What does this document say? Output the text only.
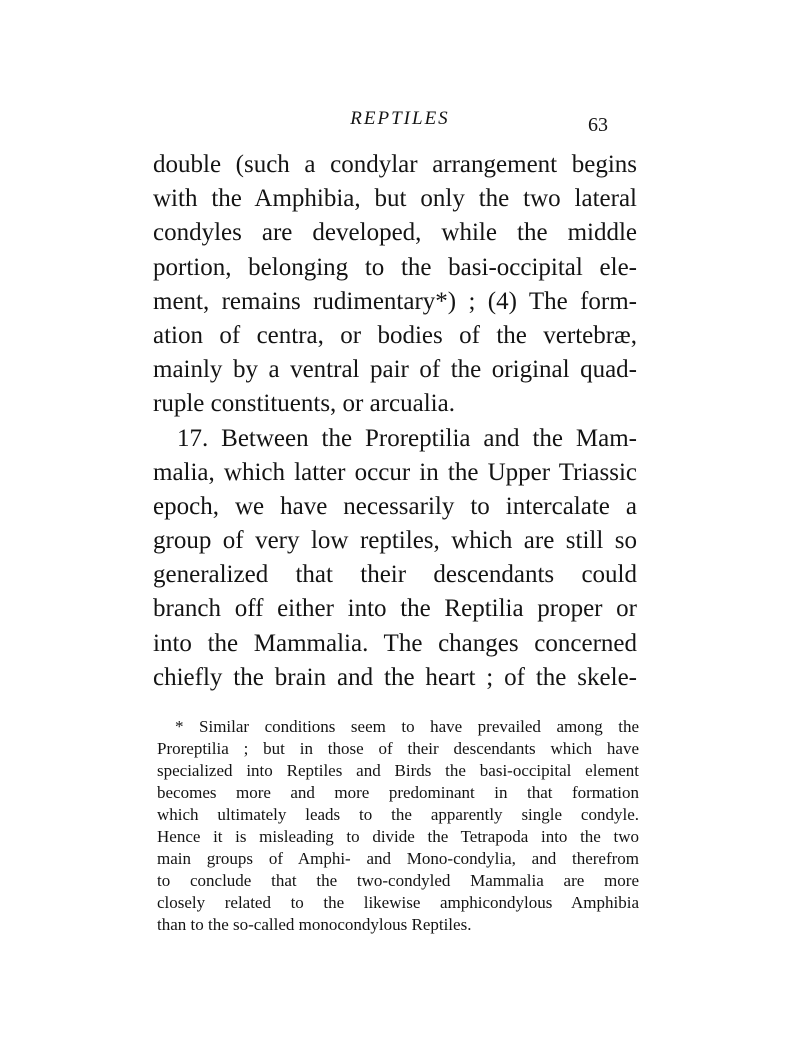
REPTILES	63
double (such a condylar arrangement begins
with the Amphibia, but only the two lateral
condyles are developed, while the middle
portion, belonging to the basi-occipital ele-
ment, remains rudimentary*) ; (4) The form-
ation of centra, or bodies of the vertebræ,
mainly by a ventral pair of the original quad-
ruple constituents, or arcualia.
17. Between the Proreptilia and the Mam-
malia, which latter occur in the Upper Triassic
epoch, we have necessarily to intercalate a
group of very low reptiles, which are still so
generalized that their descendants could
branch off either into the Reptilia proper or
into the Mammalia. The changes concerned
chiefly the brain and the heart ; of the skele-
* Similar conditions seem to have prevailed among the
Proreptilia ; but in those of their descendants which have
specialized into Reptiles and Birds the basi-occipital element
becomes more and more predominant in that formation
which ultimately leads to the apparently single condyle.
Hence it is misleading to divide the Tetrapoda into the two
main groups of Amphi- and Mono-condylia, and therefrom
to conclude that the two-condyled Mammalia are more
closely related to the likewise amphicondylous Amphibia
than to the so-called monocondylous Reptiles.
